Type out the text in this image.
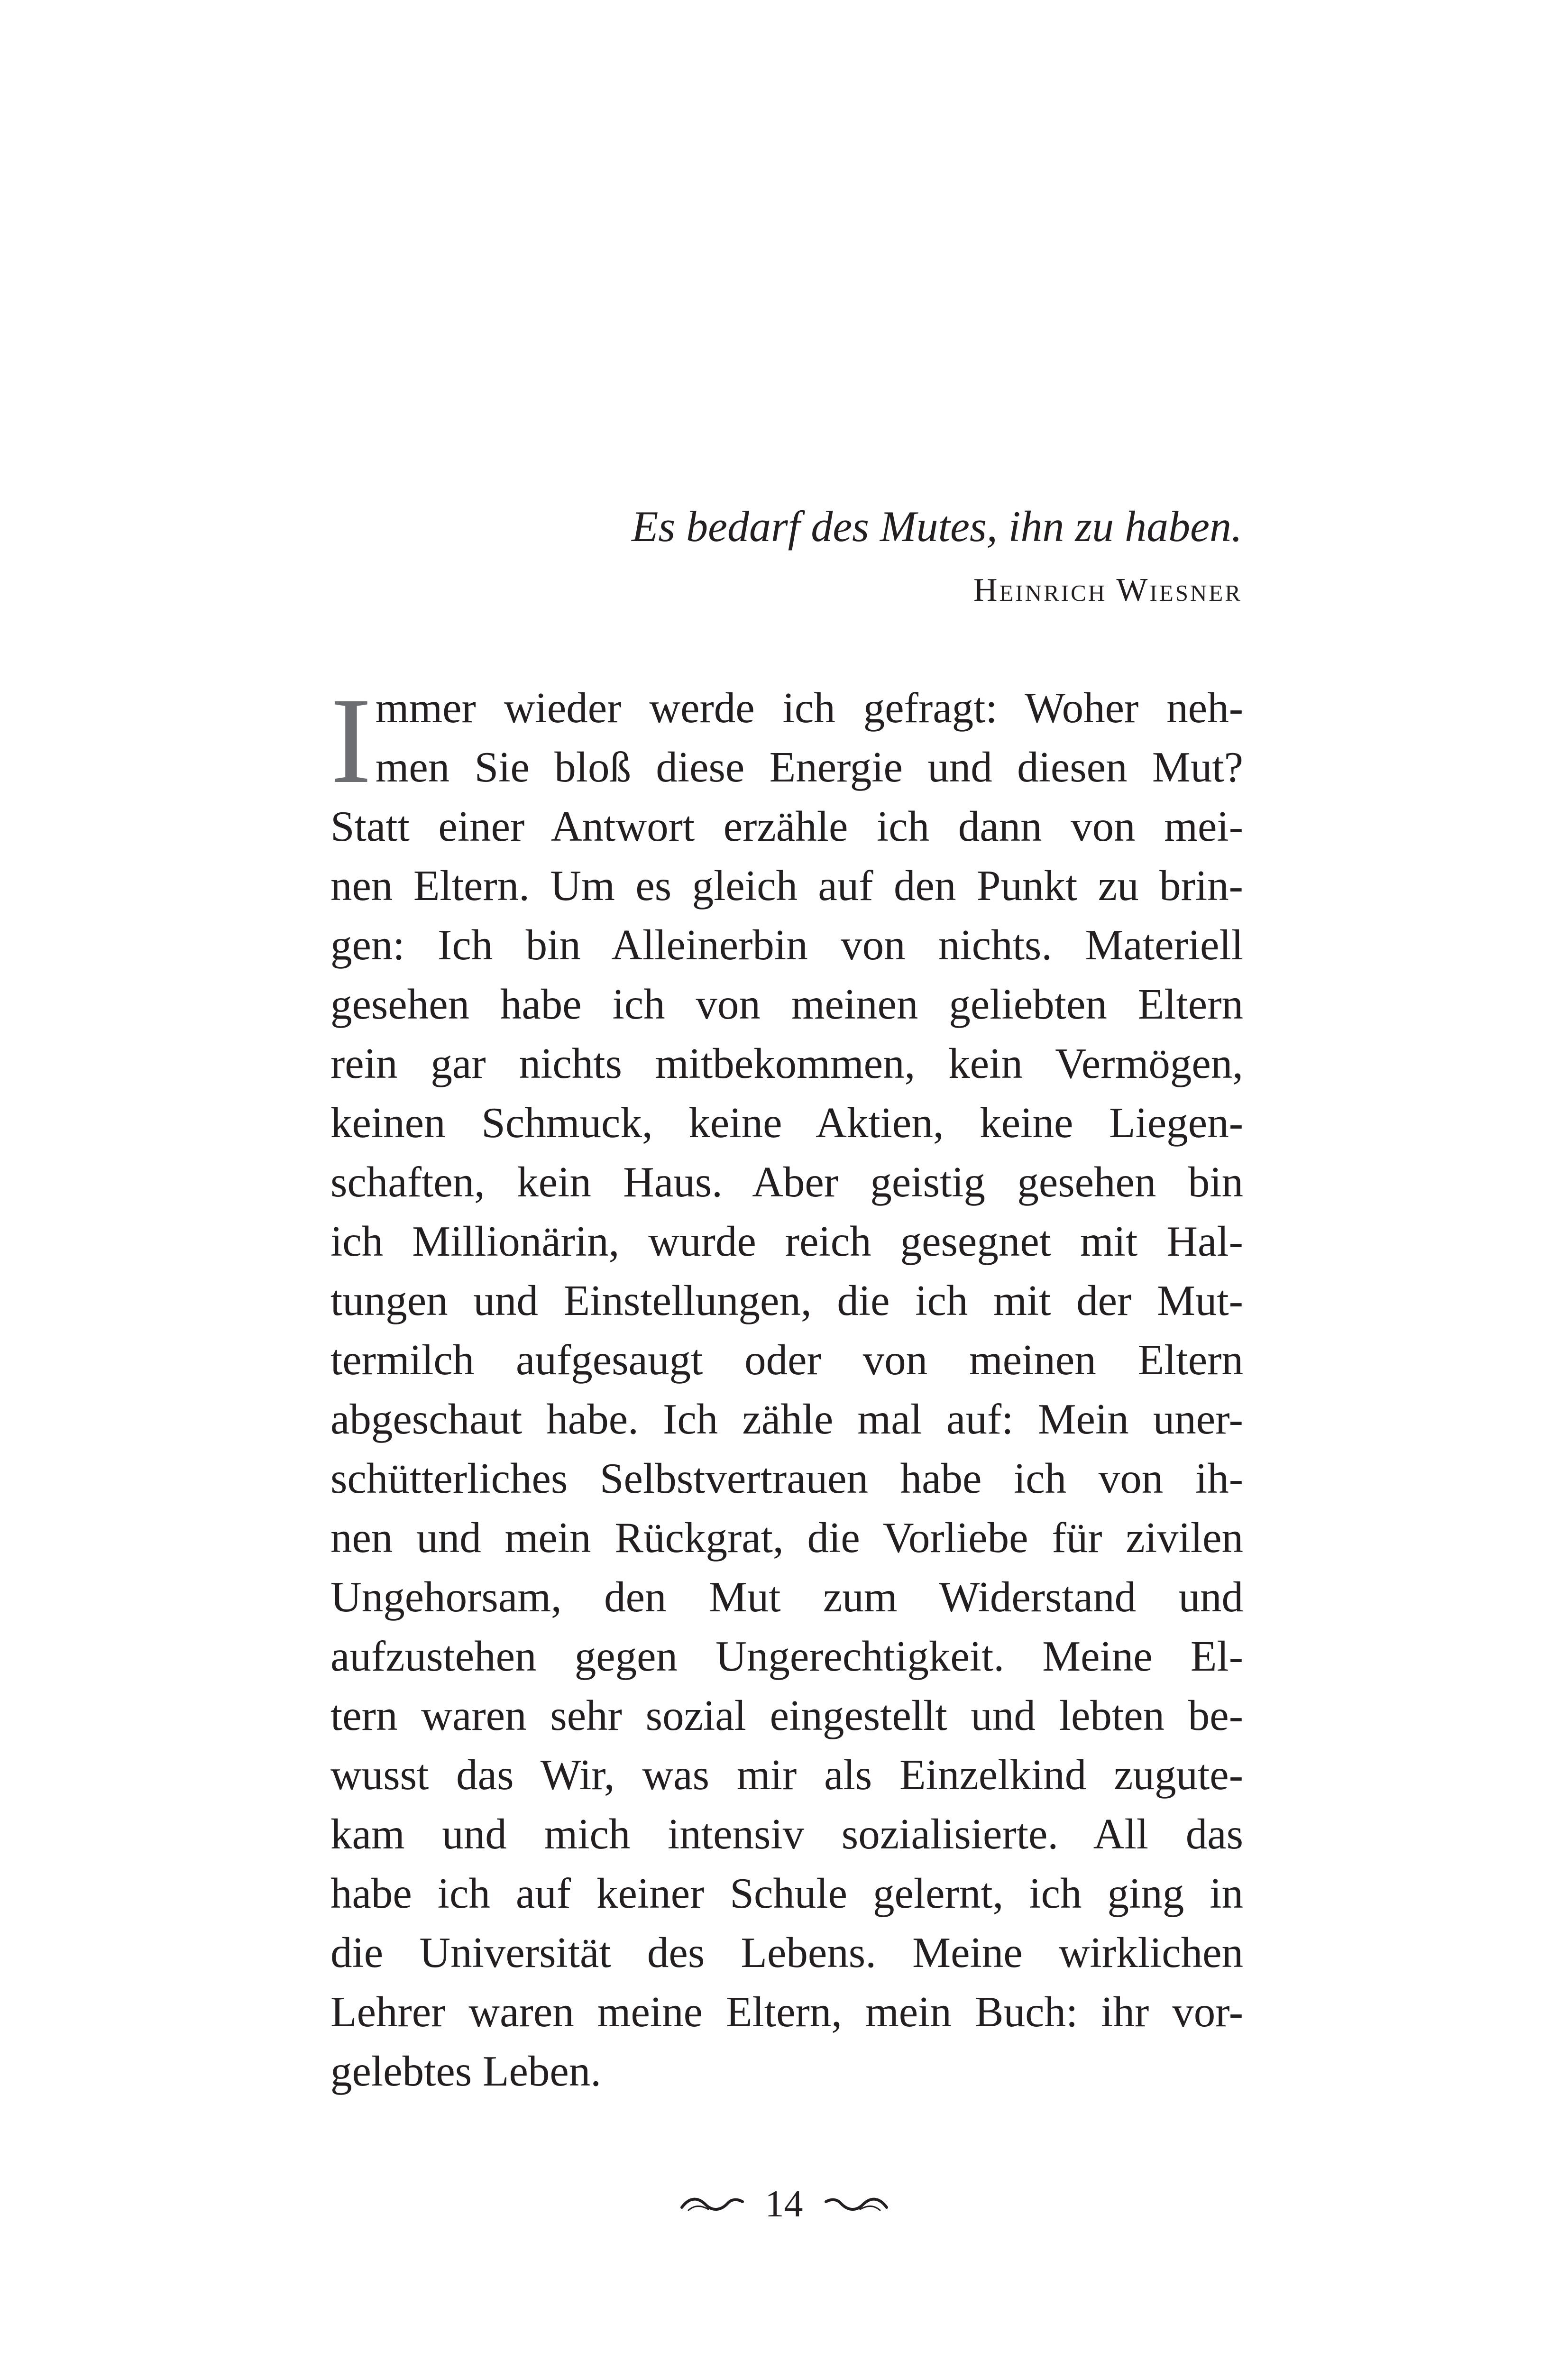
Es bedarf des Mutes, ihn zu haben.
Heinrich Wiesner
I mmer wieder werde ich gefragt: Woher neh-
men Sie bloß diese Energie und diesen Mut?
Statt einer Antwort erzähle ich dann von mei-
nen Eltern. Um es gleich auf den Punkt zu brin-
gen: Ich bin Alleinerbin von nichts. Materiell
gesehen habe ich von meinen geliebten Eltern
rein gar nichts mitbekommen, kein Vermögen,
keinen Schmuck, keine Aktien, keine Liegen-
schaften, kein Haus. Aber geistig gesehen bin
ich Millionärin, wurde reich gesegnet mit Hal-
tungen und Einstellungen, die ich mit der Mut-
termilch aufgesaugt oder von meinen Eltern
abgeschaut habe. Ich zähle mal auf: Mein uner-
schütterliches Selbstvertrauen habe ich von ih-
nen und mein Rückgrat, die Vorliebe für zivilen
Ungehorsam, den Mut zum Widerstand und
aufzustehen gegen Ungerechtigkeit. Meine El-
tern waren sehr sozial eingestellt und lebten be-
wusst das Wir, was mir als Einzelkind zugute-
kam und mich intensiv sozialisierte. All das
habe ich auf keiner Schule gelernt, ich ging in
die Universität des Lebens. Meine wirklichen
Lehrer waren meine Eltern, mein Buch: ihr vor-
gelebtes Leben.
14
